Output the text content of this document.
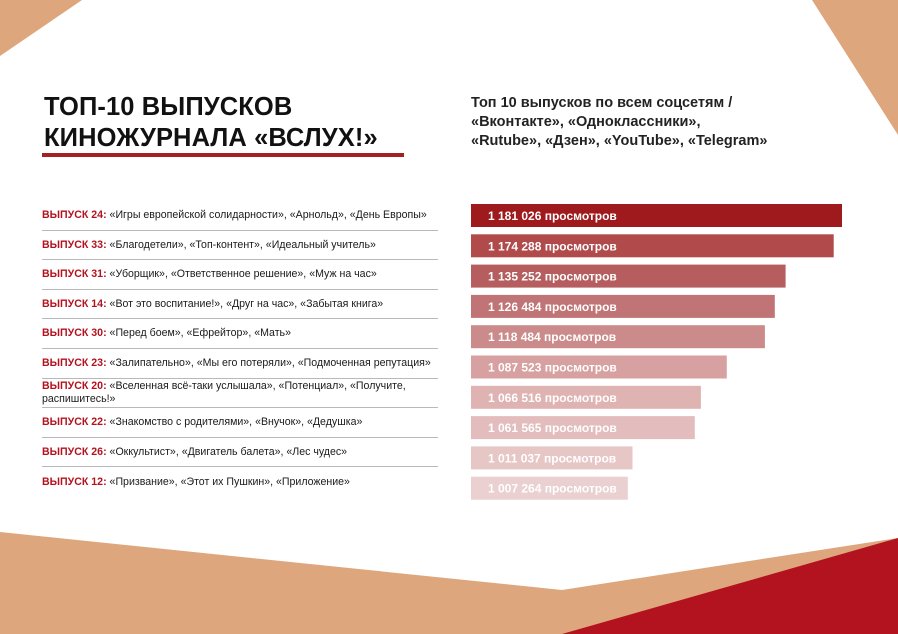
ТОП-10 ВЫПУСКОВ
КИНОЖУРНАЛА «ВСЛУХ!»
Топ 10 выпусков по всем соцсетям /
«Вконтакте», «Одноклассники»,
«Rutube», «Дзен», «YouTube», «Telegram»
ВЫПУСК 24: «Игры европейской солидарности», «Арнольд», «День Европы»
ВЫПУСК 33: «Благодетели», «Топ-контент», «Идеальный учитель»
ВЫПУСК 31: «Уборщик», «Ответственное решение», «Муж на час»
ВЫПУСК 14: «Вот это воспитание!», «Друг на час», «Забытая книга»
ВЫПУСК 30: «Перед боем», «Ефрейтор», «Мать»
ВЫПУСК 23: «Залипательно», «Мы его потеряли», «Подмоченная репутация»
ВЫПУСК 20: «Вселенная всё-таки услышала», «Потенциал», «Получите, распишитесь!»
ВЫПУСК 22: «Знакомство с родителями», «Внучок», «Дедушка»
ВЫПУСК 26: «Оккультист», «Двигатель балета», «Лес чудес»
ВЫПУСК 12: «Призвание», «Этот их Пушкин», «Приложение»
1 181 026 просмотров
1 174 288 просмотров
1 135 252 просмотров
1 126 484 просмотров
1 118 484 просмотров
1 087 523 просмотров
1 066 516 просмотров
1 061 565 просмотров
1 011 037 просмотров
1 007 264 просмотров
